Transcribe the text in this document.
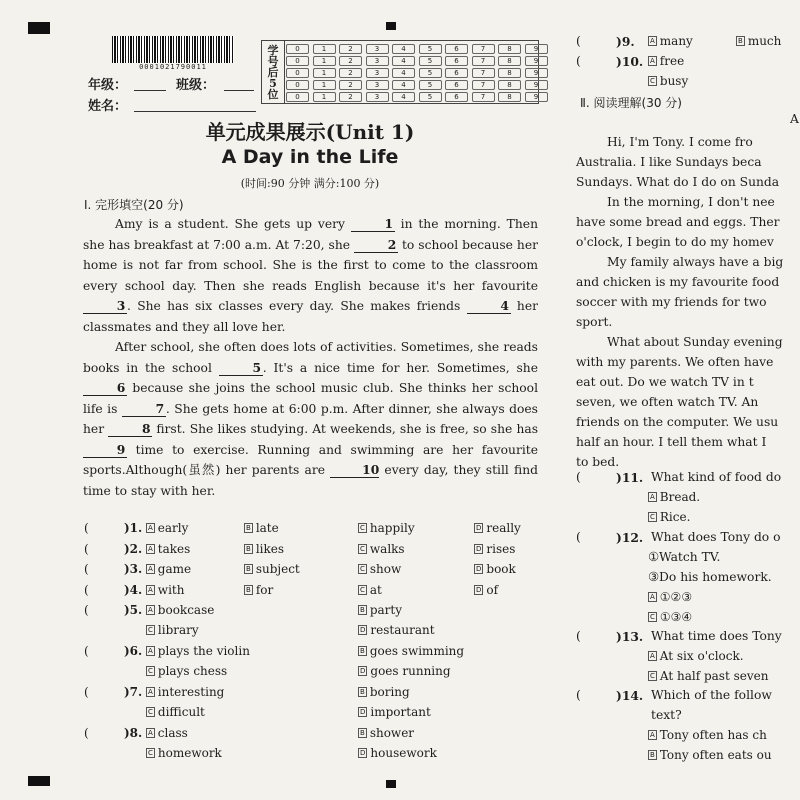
0001021790011
年级：	班级：
姓名：
学
号
后
5
位
0	1	2	3	4	5	6	7	8	9
0	1	2	3	4	5	6	7	8	9
0	1	2	3	4	5	6	7	8	9
0	1	2	3	4	5	6	7	8	9
0	1	2	3	4	5	6	7	8	9
单元成果展示(Unit 1)
A Day in the Life
(时间:90 分钟 满分:100 分)
Ⅰ. 完形填空(20 分)

Amy is a student. She gets up very	1 in the morning. Then she has breakfast at 7:00 a.m. At 7:20, she	2 to school because her home is not far from school. She is the first to come to the classroom every school day. Then she reads English because it's her favourite 3 . She has six classes every day. She makes friends	4 her classmates and they all love her.

After school, she often does lots of activities. Sometimes, she reads books in the school	5 . It's a nice time for her. Sometimes, she 6 because she joins the school music club. She thinks her school life is	7 . She gets home at 6:00 p.m. After dinner, she always does her	8 first. She likes studying. At weekends, she is free, so she has 9 time to exercise. Running and swimming are her favourite sports.Although(虽然) her parents are	10 every day, they still find time to stay with her.

(	)1. A early	B late	C happily	D really
(	)2. A takes	B likes	C walks	D rises
(	)3. A game	B subject	C show	D book
(	)4. A with	B for	C at	D of
(	)5. A bookcase	B party
C library	D restaurant
(	)6. A plays the violin	B goes swimming
C plays chess	D goes running
(	)7. A interesting	B boring
C difficult	D important
(	)8. A class	B shower
C homework	D housework
(	)9. A many	B much
(	)10. A free
C busy
Ⅱ. 阅读理解(30 分)
A
Hi, I'm Tony. I come fro
Australia. I like Sundays beca
Sundays. What do I do on Sunda
In the morning, I don't nee
have some bread and eggs. Ther
o'clock, I begin to do my homev
My family always have a big
and chicken is my favourite food
soccer with my friends for two
sport.
What about Sunday evening
with my parents. We often have
eat out. Do we watch TV in t
seven, we often watch TV. An
friends on the computer. We usu
half an hour. I tell them what I
to bed.
(	)11. What kind of food do
A Bread.
C Rice.
(	)12. What does Tony do o
①Watch TV.
③Do his homework.
A ①②③
C ①③④
(	)13. What time does Tony
A At six o'clock.
C At half past seven
(	)14. Which of the follow
text?
A Tony often has ch
B Tony often eats ou
